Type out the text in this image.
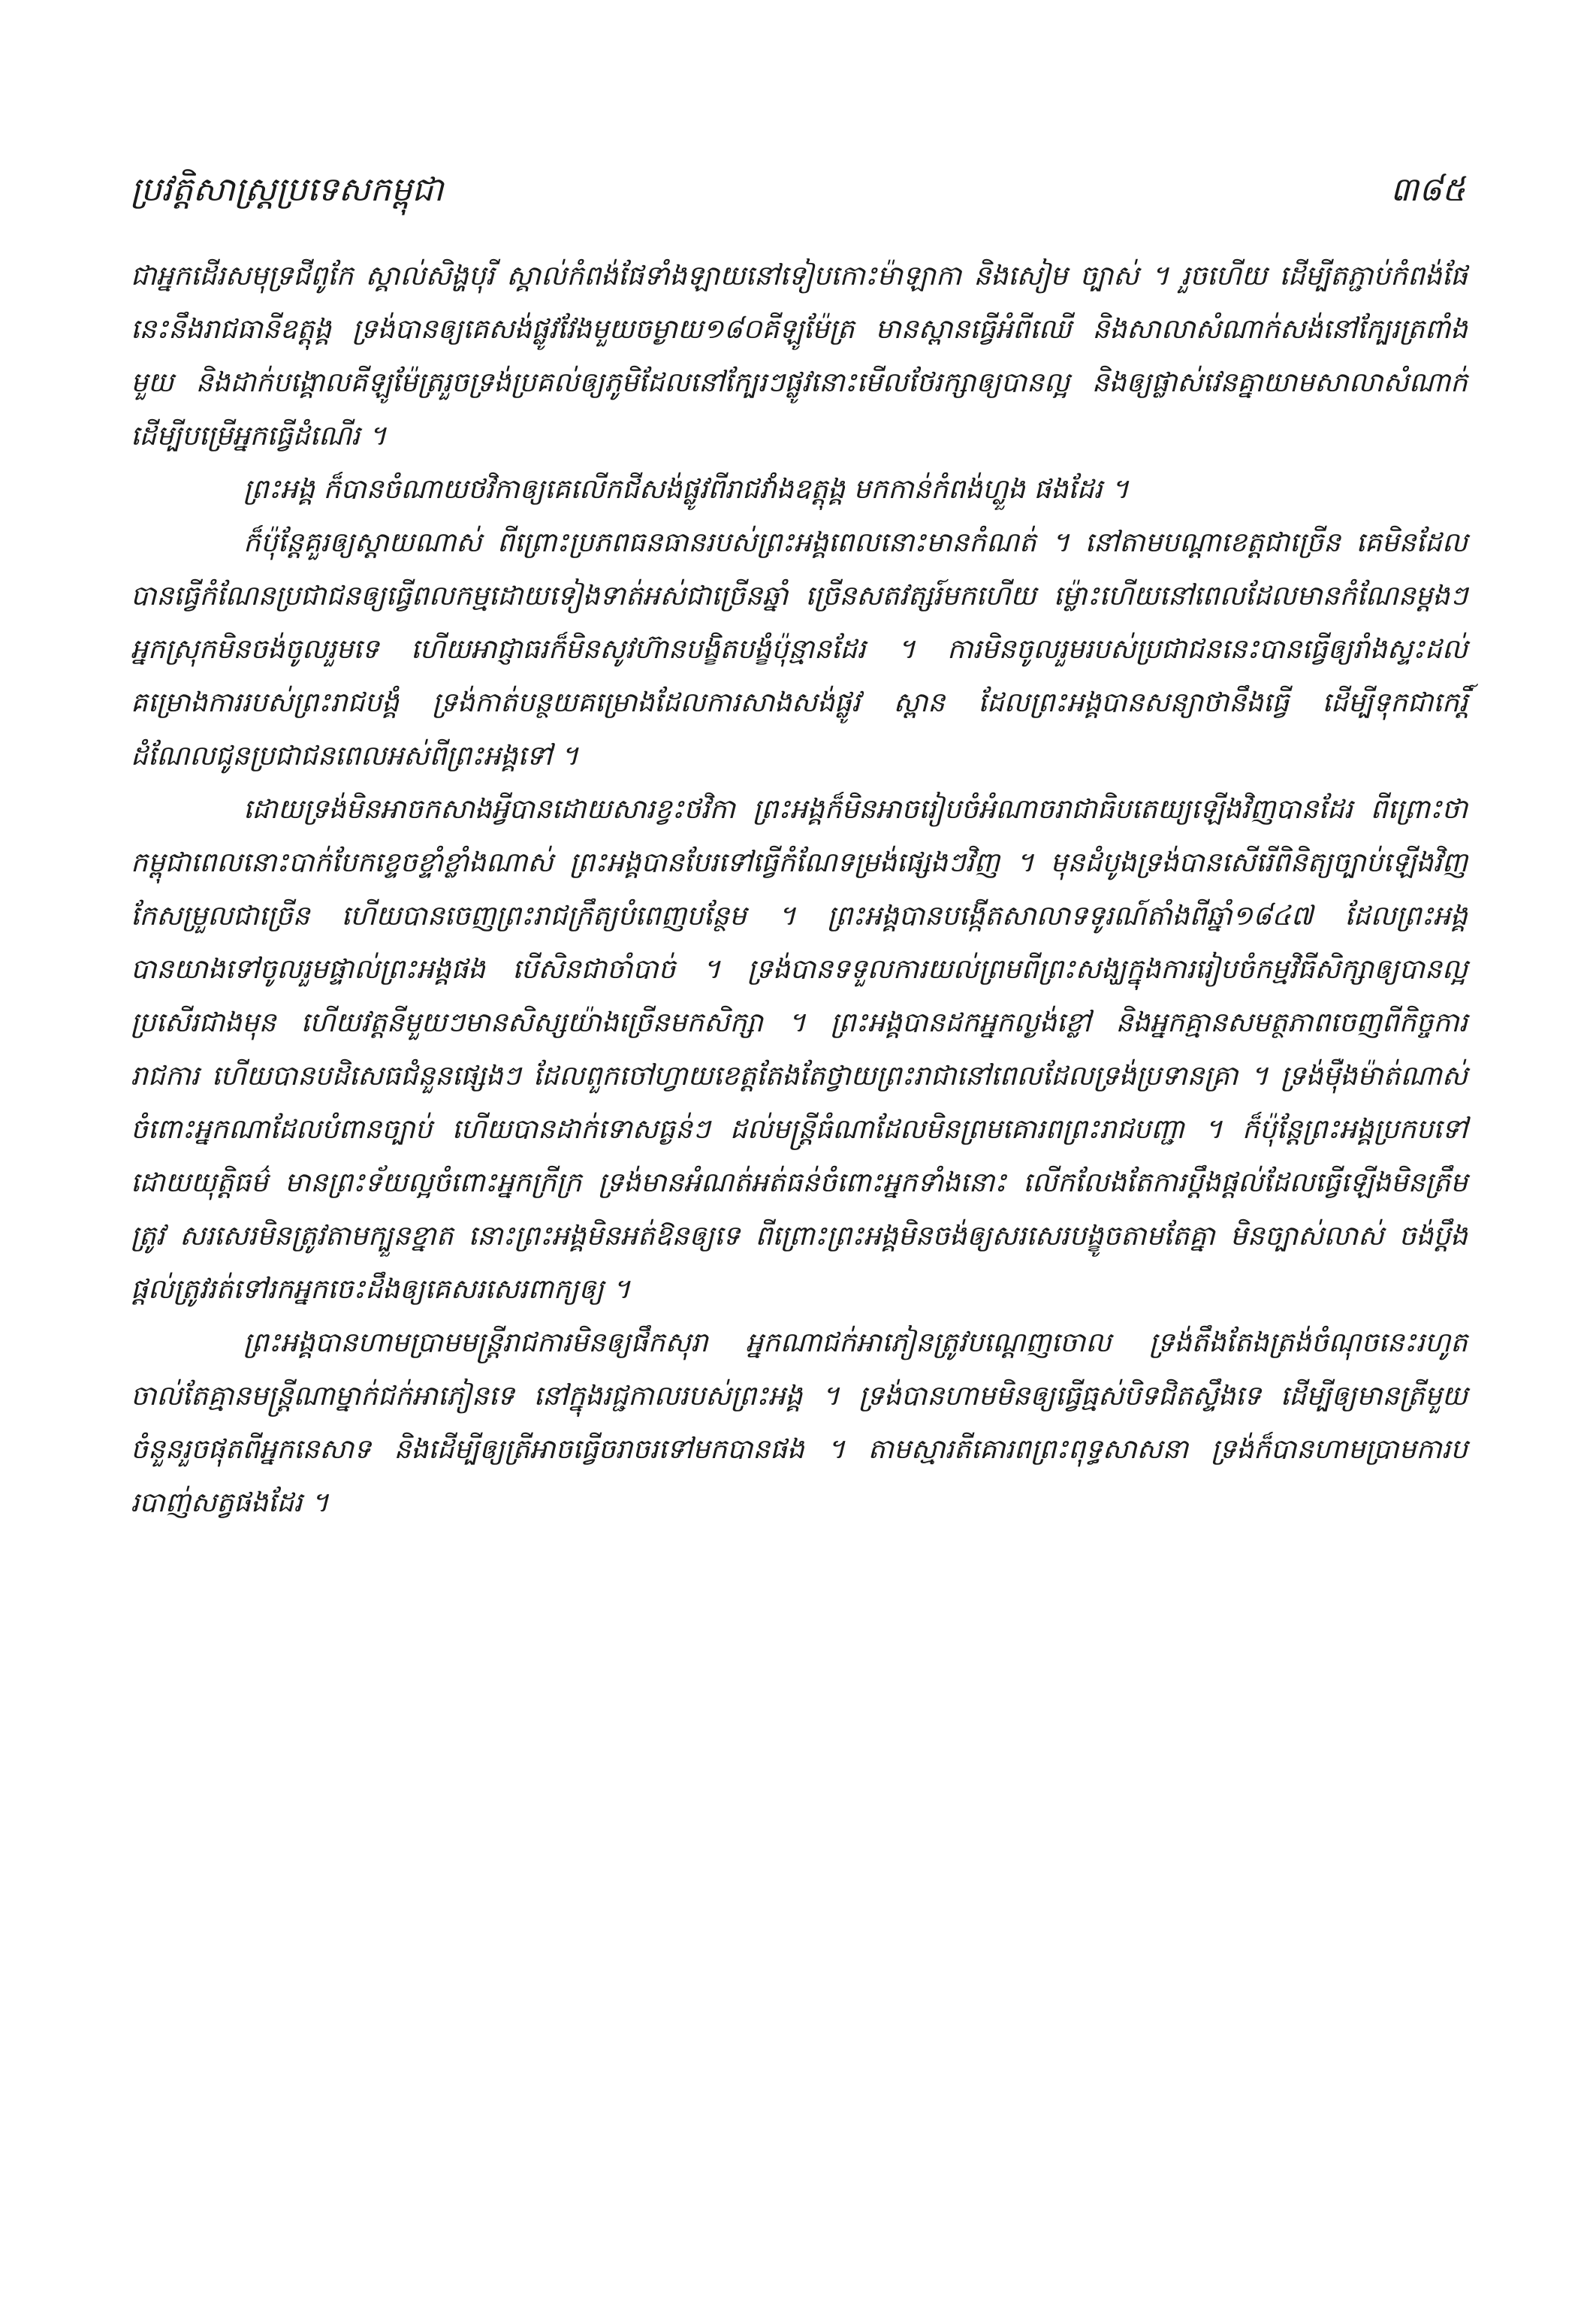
ប្រវត្តិសាស្ត្រប្រទេសកម្ពុជា	៣៨៥

ជាអ្នកដើរសមុទ្រជីពូកែ ស្គាល់សិង្ហបុរី ស្គាល់កំពង់ផែទាំងឡាយនៅទៀបកោះម៉ាឡាកា និងសៀម ច្បាស់ ។ រួចហើយ ដើម្បីតភ្ជាប់កំពង់ផែនេះនឹងរាជធានីឧត្តុង្គ ទ្រង់បានឲ្យគេសង់ផ្លូវវែងមួយចម្ងាយ១៨០គីឡូម៉ែត្រ មានស្ពានធ្វើអំពីឈើ និងសាលាសំណាក់សង់នៅក្បែរត្រពាំងមួយ និងដាក់បង្គោលគីឡូម៉ែត្ររួចទ្រង់ប្រគល់ឲ្យភូមិដែលនៅក្បែរៗផ្លូវនោះមើលថែរក្សាឲ្យបានល្អ និងឲ្យផ្លាស់វេនគ្នាយាមសាលាសំណាក់ ដើម្បីបម្រើអ្នកធ្វើដំណើរ ។

ព្រះអង្គ ក៏បានចំណាយថវិកាឲ្យគេលើកជីសង់ផ្លូវពីរាជវាំងឧត្តុង្គ មកកាន់កំពង់ហ្លួង ផងដែរ ។

ក៏ប៉ុន្តែគួរឲ្យស្តាយណាស់ ពីព្រោះប្រភពធនធានរបស់ព្រះអង្គពេលនោះមានកំណត់ ។ នៅតាមបណ្តាខេត្តជាច្រើន គេមិនដែលបានធ្វើកំណែនប្រជាជនឲ្យធ្វើពលកម្មដោយទៀងទាត់អស់ជាច្រើនឆ្នាំ ច្រើនសតវត្សរ៍មកហើយ ម្ល៉ោះហើយនៅពេលដែលមានកំណែនម្តងៗ អ្នកស្រុកមិនចង់ចូលរួមទេ ហើយអាជ្ញាធរក៏មិនសូវហ៊ានបង្ខិតបង្ខំប៉ុន្មានដែរ ។ ការមិនចូលរួមរបស់ប្រជាជននេះបានធ្វើឲ្យរាំងស្ទះដល់គម្រោងការរបស់ព្រះរាជបង្គំ ទ្រង់កាត់បន្ថយគម្រោងដែលការសាងសង់ផ្លូវ ស្ពាន ដែលព្រះអង្គបានសន្យាថានឹងធ្វើ ដើម្បីទុកជាកេរ្តិ៍ដំណែលជូនប្រជាជនពេលអស់ពីព្រះអង្គទៅ ។

ដោយទ្រង់មិនអាចកសាងអ្វីបានដោយសារខ្វះថវិកា ព្រះអង្គក៏មិនអាចរៀបចំអំណាចរាជាធិបតេយ្យឡើងវិញបានដែរ ពីព្រោះថាកម្ពុជាពេលនោះបាក់បែកខ្ទេចខ្ទាំខ្លាំងណាស់ ព្រះអង្គបានបែរទៅធ្វើកំណែទម្រង់ផ្សេងៗវិញ ។ មុនដំបូងទ្រង់បានសើរើពិនិត្យច្បាប់ឡើងវិញ កែសម្រួលជាច្រើន ហើយបានចេញព្រះរាជក្រឹត្យបំពេញបន្ថែម ។ ព្រះអង្គបានបង្កើតសាលាទទូរណ៍តាំងពីឆ្នាំ១៨៤៧ ដែលព្រះអង្គបានយាងទៅចូលរួមផ្ទាល់ព្រះអង្គផង បើសិនជាចាំបាច់ ។ ទ្រង់បានទទួលការយល់ព្រមពីព្រះសង្ឃក្នុងការរៀបចំកម្មវិធីសិក្សាឲ្យបានល្អប្រសើរជាងមុន ហើយវត្តនីមួយៗមានសិស្សយ៉ាងច្រើនមកសិក្សា ។ ព្រះអង្គបានដកអ្នកល្ងង់ខ្លៅ និងអ្នកគ្មានសមត្ថភាពចេញពីកិច្ចការរាជការ ហើយបានបដិសេធជំនួនផ្សេងៗ ដែលពួកចៅហ្វាយខេត្តតែងតែថ្វាយព្រះរាជានៅពេលដែលទ្រង់ប្រទានគ្រា ។ ទ្រង់ម៉ឺងម៉ាត់ណាស់ចំពោះអ្នកណាដែលបំពានច្បាប់ ហើយបានដាក់ទោសធ្ងន់ៗ ដល់មន្ត្រីធំណាដែលមិនព្រមគោរពព្រះរាជបញ្ជា ។ ក៏ប៉ុន្តែព្រះអង្គប្រកបទៅដោយយុត្តិធម៌ មានព្រះទ័យល្អចំពោះអ្នកក្រីក្រ ទ្រង់មានអំណត់អត់ធន់ចំពោះអ្នកទាំងនោះ លើកលែងតែការប្តឹងផ្តល់ដែលធ្វើឡើងមិនត្រឹមត្រូវ សរសេរមិនត្រូវតាមក្បួនខ្នាត នោះព្រះអង្គមិនអត់ឱនឲ្យទេ ពីព្រោះព្រះអង្គមិនចង់ឲ្យសរសេរបង្ខូចតាមតែគ្នា មិនច្បាស់លាស់ ចង់ប្តឹងផ្តល់ត្រូវរត់ទៅរកអ្នកចេះដឹងឲ្យគេសរសេរពាក្យឲ្យ ។

ព្រះអង្គបានហាមប្រាមមន្ត្រីរាជការមិនឲ្យផឹកសុរា អ្នកណាជក់អាភៀនត្រូវបណ្តេញចោល ទ្រង់តឹងតែងត្រង់ចំណុចនេះរហូតចាល់តែគ្មានមន្ត្រីណាម្នាក់ជក់អាភៀនទេ នៅក្នុងរជ្ជកាលរបស់ព្រះអង្គ ។ ទ្រង់បានហាមមិនឲ្យធ្វើធ្មស់បិទជិតស្ទឹងទេ ដើម្បីឲ្យមានត្រីមួយចំនួនរួចផុតពីអ្នកនេសាទ និងដើម្បីឲ្យត្រីអាចធ្វើចរាចរទៅមកបានផង ។ តាមស្មារតីគោរពព្រះពុទ្ធសាសនា ទ្រង់ក៏បានហាមប្រាមការបរបាញ់សត្វផងដែរ ។
